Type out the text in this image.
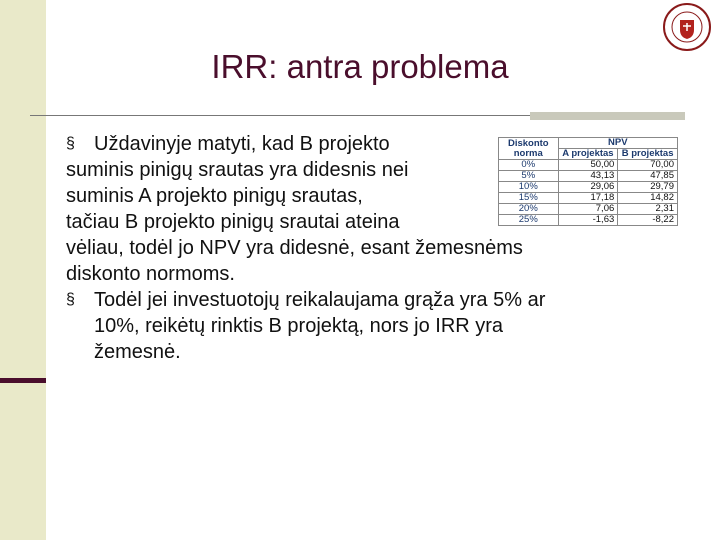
IRR: antra problema

§ Uždavinyje matyti, kad B projekto
suminis pinigų srautas yra didesnis nei
suminis A projekto pinigų srautas,
tačiau B projekto pinigų srautai ateina
vėliau, todėl jo NPV yra didesnė, esant žemesnėms
diskonto normoms.

§ Todėl jei investuotojų reikalaujama grąža yra 5% ar
10%, reikėtų rinktis B projektą, nors jo IRR yra
žemesnė.

Diskonto norma	NPV	
	A projektas	B projektas
0%	50,00	70,00
5%	43,13	47,85
10%	29,06	29,79
15%	17,18	14,82
20%	7,06	2,31
25%	-1,63	-8,22
